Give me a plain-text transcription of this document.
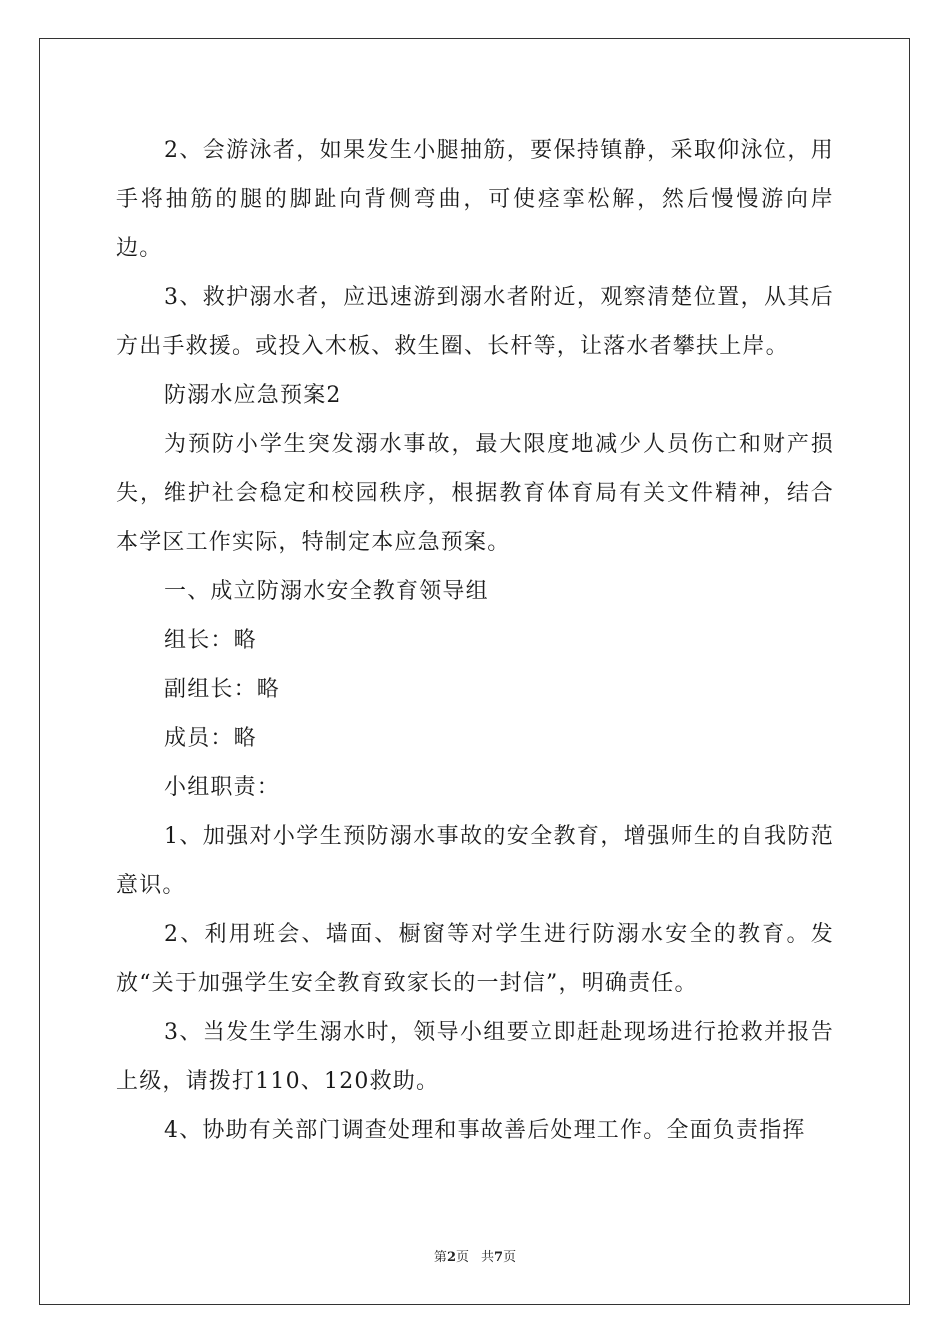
2、会游泳者，如果发生小腿抽筋，要保持镇静，采取仰泳位，用手将抽筋的腿的脚趾向背侧弯曲，可使痉挛松解，然后慢慢游向岸边。

3、救护溺水者，应迅速游到溺水者附近，观察清楚位置，从其后方出手救援。或投入木板、救生圈、长杆等，让落水者攀扶上岸。

防溺水应急预案2

为预防小学生突发溺水事故，最大限度地减少人员伤亡和财产损失，维护社会稳定和校园秩序，根据教育体育局有关文件精神，结合本学区工作实际，特制定本应急预案。

一、成立防溺水安全教育领导组

组长：略

副组长：略

成员：略

小组职责：

1、加强对小学生预防溺水事故的安全教育，增强师生的自我防范意识。

2、利用班会、墙面、橱窗等对学生进行防溺水安全的教育。发放“关于加强学生安全教育致家长的一封信”，明确责任。

3、当发生学生溺水时，领导小组要立即赶赴现场进行抢救并报告上级，请拨打110、120救助。

4、协助有关部门调查处理和事故善后处理工作。全面负责指挥

第2页 共7页
